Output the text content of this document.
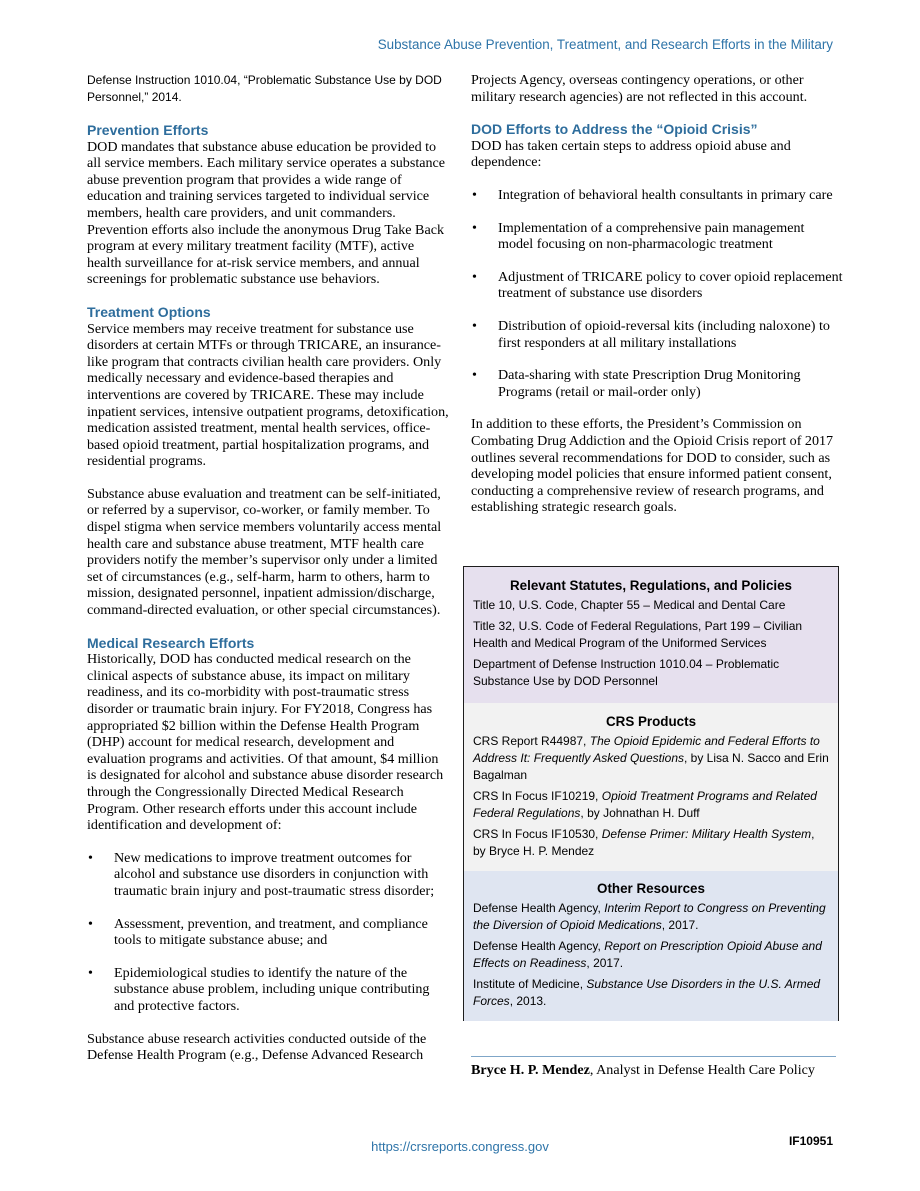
Substance Abuse Prevention, Treatment, and Research Efforts in the Military

Defense Instruction 1010.04, “Problematic Substance Use by DOD Personnel,” 2014.

Prevention Efforts

DOD mandates that substance abuse education be provided to all service members. Each military service operates a substance abuse prevention program that provides a wide range of education and training services targeted to individual service members, health care providers, and unit commanders. Prevention efforts also include the anonymous Drug Take Back program at every military treatment facility (MTF), active health surveillance for at-risk service members, and annual screenings for problematic substance use behaviors.

Treatment Options

Service members may receive treatment for substance use disorders at certain MTFs or through TRICARE, an insurance-like program that contracts civilian health care providers. Only medically necessary and evidence-based therapies and interventions are covered by TRICARE. These may include inpatient services, intensive outpatient programs, detoxification, medication assisted treatment, mental health services, office-based opioid treatment, partial hospitalization programs, and residential programs.

Substance abuse evaluation and treatment can be self-initiated, or referred by a supervisor, co-worker, or family member. To dispel stigma when service members voluntarily access mental health care and substance abuse treatment, MTF health care providers notify the member’s supervisor only under a limited set of circumstances (e.g., self-harm, harm to others, harm to mission, designated personnel, inpatient admission/discharge, command-directed evaluation, or other special circumstances).

Medical Research Efforts

Historically, DOD has conducted medical research on the clinical aspects of substance abuse, its impact on military readiness, and its co-morbidity with post-traumatic stress disorder or traumatic brain injury. For FY2018, Congress has appropriated $2 billion within the Defense Health Program (DHP) account for medical research, development and evaluation programs and activities. Of that amount, $4 million is designated for alcohol and substance abuse disorder research through the Congressionally Directed Medical Research Program. Other research efforts under this account include identification and development of:

• New medications to improve treatment outcomes for alcohol and substance use disorders in conjunction with traumatic brain injury and post-traumatic stress disorder;
• Assessment, prevention, and treatment, and compliance tools to mitigate substance abuse; and
• Epidemiological studies to identify the nature of the substance abuse problem, including unique contributing and protective factors.

Substance abuse research activities conducted outside of the Defense Health Program (e.g., Defense Advanced Research

Projects Agency, overseas contingency operations, or other military research agencies) are not reflected in this account.

DOD Efforts to Address the “Opioid Crisis”

DOD has taken certain steps to address opioid abuse and dependence:

• Integration of behavioral health consultants in primary care
• Implementation of a comprehensive pain management model focusing on non-pharmacologic treatment
• Adjustment of TRICARE policy to cover opioid replacement treatment of substance use disorders
• Distribution of opioid-reversal kits (including naloxone) to first responders at all military installations
• Data-sharing with state Prescription Drug Monitoring Programs (retail or mail-order only)

In addition to these efforts, the President’s Commission on Combating Drug Addiction and the Opioid Crisis report of 2017 outlines several recommendations for DOD to consider, such as developing model policies that ensure informed patient consent, conducting a comprehensive review of research programs, and establishing strategic research goals.

Relevant Statutes, Regulations, and Policies

Title 10, U.S. Code, Chapter 55 – Medical and Dental Care

Title 32, U.S. Code of Federal Regulations, Part 199 – Civilian Health and Medical Program of the Uniformed Services

Department of Defense Instruction 1010.04 – Problematic Substance Use by DOD Personnel

CRS Products

CRS Report R44987, The Opioid Epidemic and Federal Efforts to Address It: Frequently Asked Questions, by Lisa N. Sacco and Erin Bagalman

CRS In Focus IF10219, Opioid Treatment Programs and Related Federal Regulations, by Johnathan H. Duff

CRS In Focus IF10530, Defense Primer: Military Health System, by Bryce H. P. Mendez

Other Resources

Defense Health Agency, Interim Report to Congress on Preventing the Diversion of Opioid Medications, 2017.

Defense Health Agency, Report on Prescription Opioid Abuse and Effects on Readiness, 2017.

Institute of Medicine, Substance Use Disorders in the U.S. Armed Forces, 2013.

Bryce H. P. Mendez, Analyst in Defense Health Care Policy
IF10951
https://crsreports.congress.gov
